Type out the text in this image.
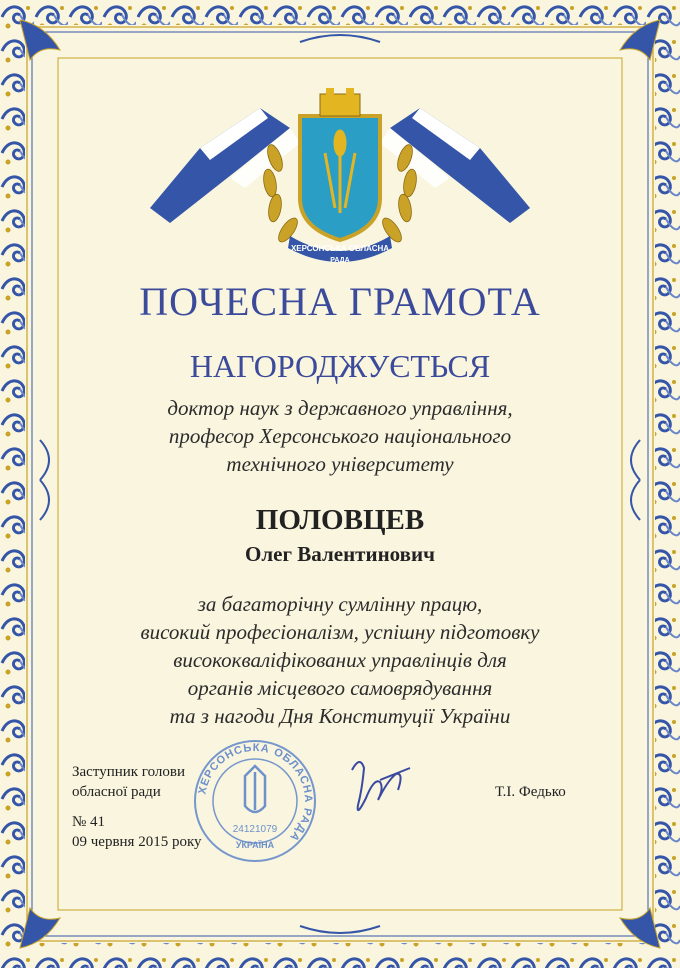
ХЕРСОНСЬКА ОБЛАСНА
РАДА
ПОЧЕСНА ГРАМОТА
НАГОРОДЖУЄТЬСЯ
доктор наук з державного управління,
професор Херсонського національного
технічного університету
ПОЛОВЦЕВ
Олег Валентинович
за багаторічну сумлінну працю,
високий професіоналізм, успішну підготовку
висококваліфікованих управлінців для
органів місцевого самоврядування
та з нагоди Дня Конституції України
ХЕРСОНСЬКА ОБЛАСНА РАДА
24121079
УКРАЇНА
Заступник голови
обласної ради	Т.І. Федько
№ 41
09 червня 2015 року
